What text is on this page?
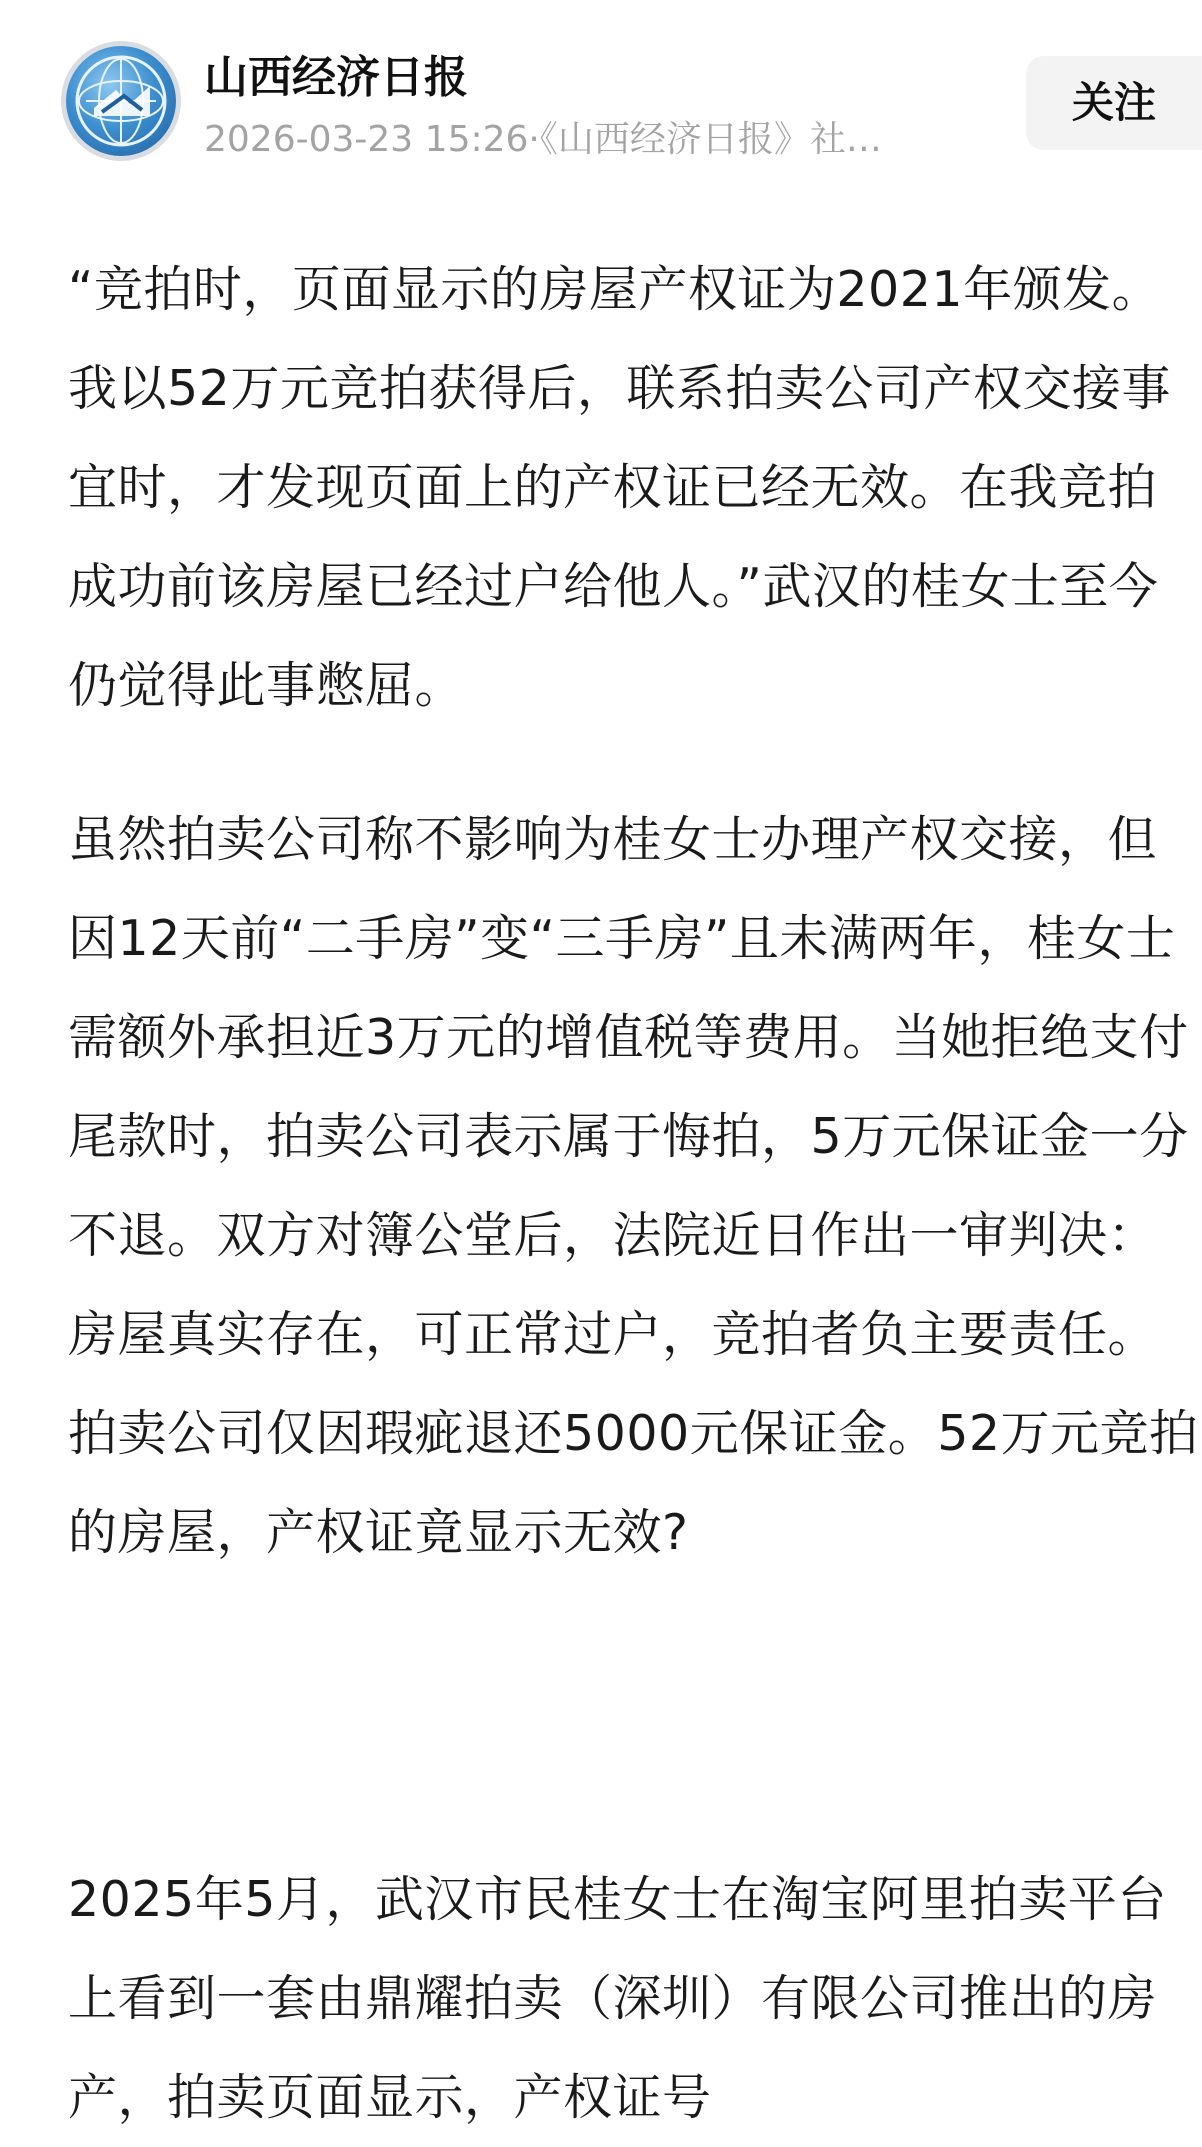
山西经济日报
2026-03-23 15:26·《山西经济日报》社…
关注

“竞拍时，页面显示的房屋产权证为2021年颁发。我以52万元竞拍获得后，联系拍卖公司产权交接事宜时，才发现页面上的产权证已经无效。在我竞拍成功前该房屋已经过户给他人。”武汉的桂女士至今仍觉得此事憋屈。

虽然拍卖公司称不影响为桂女士办理产权交接，但因12天前“二手房”变“三手房”且未满两年，桂女士需额外承担近3万元的增值税等费用。当她拒绝支付尾款时，拍卖公司表示属于悔拍，5万元保证金一分不退。双方对簿公堂后，法院近日作出一审判决：房屋真实存在，可正常过户，竞拍者负主要责任。拍卖公司仅因瑕疵退还5000元保证金。52万元竞拍的房屋，产权证竟显示无效?

2025年5月，武汉市民桂女士在淘宝阿里拍卖平台上看到一套由鼎耀拍卖（深圳）有限公司推出的房产，拍卖页面显示，产权证号
